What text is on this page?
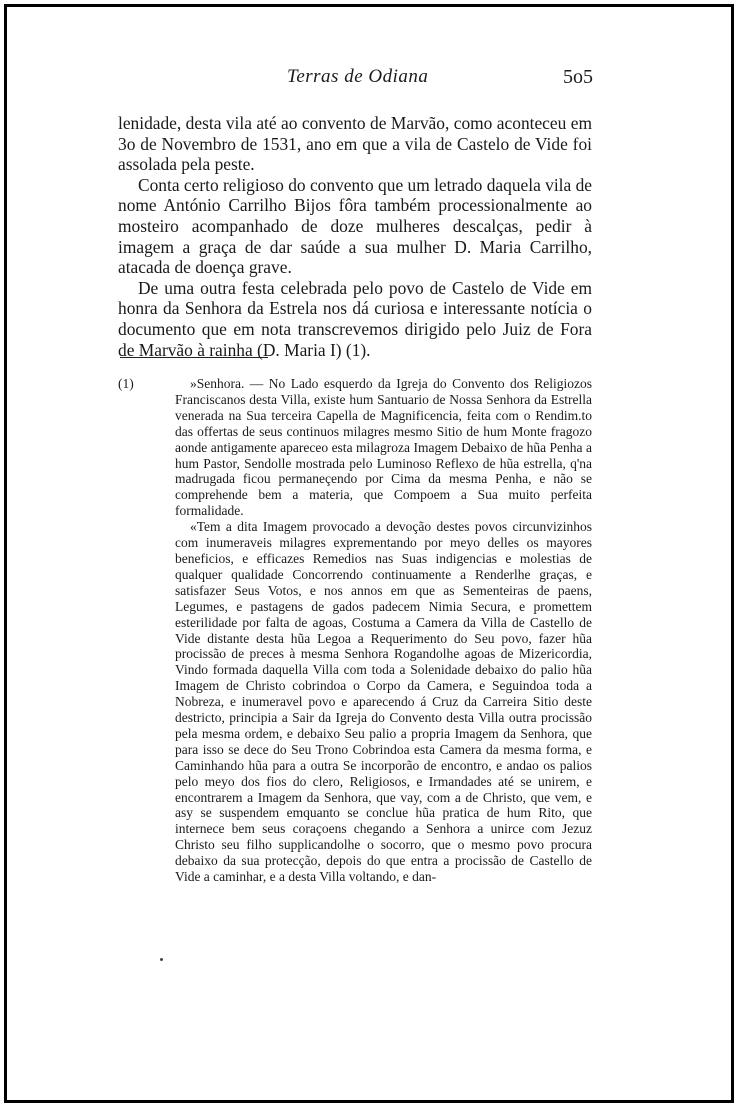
Terras de Odiana	5o5

lenidade, desta vila até ao convento de Marvão, como aconteceu em 3o de Novembro de 1531, ano em que a vila de Castelo de Vide foi assolada pela peste.

Conta certo religioso do convento que um letrado daquela vila de nome António Carrilho Bijos fôra também processionalmente ao mosteiro acompanhado de doze mulheres descalças, pedir à imagem a graça de dar saúde a sua mulher D. Maria Carrilho, atacada de doença grave.

De uma outra festa celebrada pelo povo de Castelo de Vide em honra da Senhora da Estrela nos dá curiosa e interessante notícia o documento que em nota transcrevemos dirigido pelo Juiz de Fora de Marvão à rainha (D. Maria I) (1).

(1)	»Senhora. — No Lado esquerdo da Igreja do Convento dos Religiozos Franciscanos desta Villa, existe hum Santuario de Nossa Senhora da Estrella venerada na Sua terceira Capella de Magnificencia, feita com o Rendim.to das offertas de seus continuos milagres mesmo Sitio de hum Monte fragozo aonde antigamente apareceo esta milagroza Imagem Debaixo de hũa Penha a hum Pastor, Sendolle mostrada pelo Luminoso Reflexo de hũa estrella, q'na madrugada ficou permaneçendo por Cima da mesma Penha, e não se comprehende bem a materia, que Compoem a Sua muito perfeita formalidade.

«Tem a dita Imagem provocado a devoção destes povos circunvizinhos com inumeraveis milagres exprementando por meyo delles os mayores beneficios, e efficazes Remedios nas Suas indigencias e molestias de qualquer qualidade Concorrendo continuamente a Renderlhe graças, e satisfazer Seus Votos, e nos annos em que as Sementeiras de paens, Legumes, e pastagens de gados padecem Nimia Secura, e promettem esterilidade por falta de agoas, Costuma a Camera da Villa de Castello de Vide distante desta hũa Legoa a Requerimento do Seu povo, fazer hũa procissão de preces à mesma Senhora Rogandolhe agoas de Mizericordia, Vindo formada daquella Villa com toda a Solenidade debaixo do palio hũa Imagem de Christo cobrindoa o Corpo da Camera, e Seguindoa toda a Nobreza, e inumeravel povo e aparecendo á Cruz da Carreira Sitio deste destricto, principia a Sair da Igreja do Convento desta Villa outra procissão pela mesma ordem, e debaixo Seu palio a propria Imagem da Senhora, que para isso se dece do Seu Trono Cobrindoa esta Camera da mesma forma, e Caminhando hũa para a outra Se incorporão de encontro, e andao os palios pelo meyo dos fios do clero, Religiosos, e Irmandades até se unirem, e encontrarem a Imagem da Senhora, que vay, com a de Christo, que vem, e asy se suspendem emquanto se conclue hũa pratica de hum Rito, que internece bem seus coraçoens chegando a Senhora a unirce com Jezuz Christo seu filho supplicandolhe o socorro, que o mesmo povo procura debaixo da sua protecção, depois do que entra a procissão de Castello de Vide a caminhar, e a desta Villa voltando, e dan-
